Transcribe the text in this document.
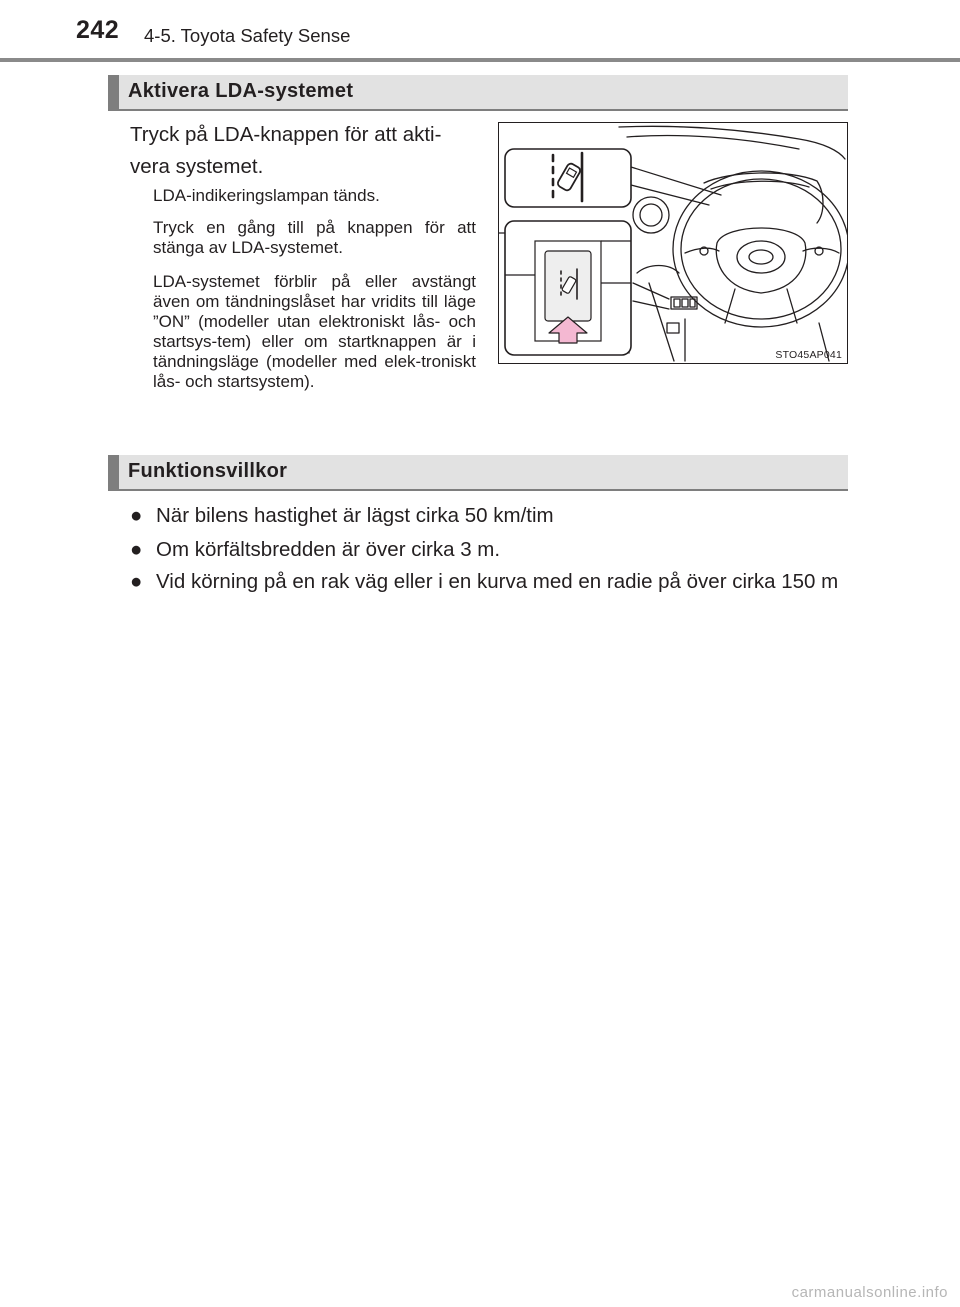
242 4-5. Toyota Safety Sense
Aktivera LDA-systemet
Tryck på LDA-knappen för att akti-vera systemet.
LDA-indikeringslampan tänds.
Tryck en gång till på knappen för att stänga av LDA-systemet.
LDA-systemet förblir på eller avstängt även om tändningslåset har vridits till läge ”ON” (modeller utan elektroniskt lås- och startsys-tem) eller om startknappen är i tändningsläge (modeller med elek-troniskt lås- och startsystem).
STO45AP041
Funktionsvillkor
● När bilens hastighet är lägst cirka 50 km/tim
● Om körfältsbredden är över cirka 3 m.
● Vid körning på en rak väg eller i en kurva med en radie på över cirka 150 m
carmanualsonline.info
